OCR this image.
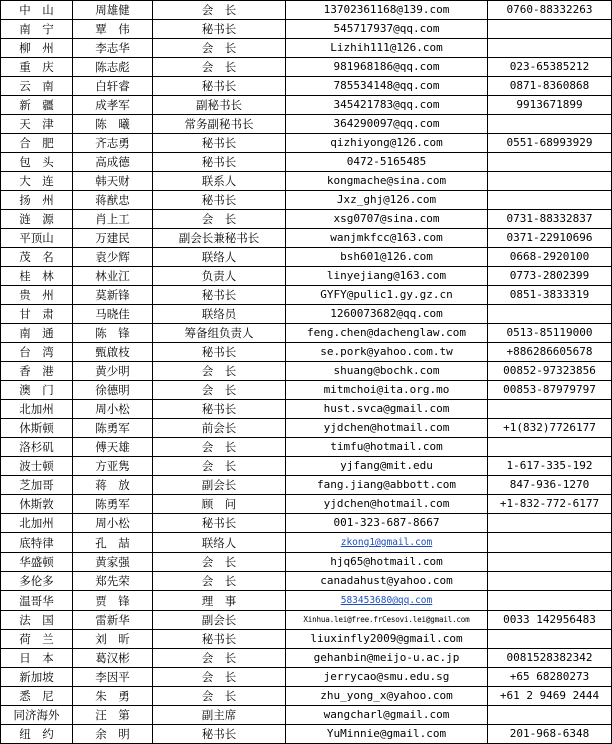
中　山	周雄健	会　长	13702361168@139.com	0760-88332263
南　宁	覃　伟	秘书长	545717937@qq.com	
柳　州	李志华	会　长	Lizhih111@126.com	
重　庆	陈志彪	会　长	981968186@qq.com	023-65385212
云　南	白轩睿	秘书长	785534148@qq.com	0871-8360868
新　疆	成孝军	副秘书长	345421783@qq.com	9913671899
天　津	陈　曦	常务副秘书长	364290097@qq.com	
合　肥	齐志勇	秘书长	qizhiyong@126.com	0551-68993929
包　头	高成德	秘书长	0472-5165485	
大　连	韩天财	联系人	kongmache@sina.com	
扬　州	蒋猷忠	秘书长	Jxz_ghj@126.com	
涟　源	肖上工	会　长	xsg0707@sina.com	0731-88332837
平顶山	万建民	副会长兼秘书长	wanjmkfcc@163.com	0371-22910696
茂　名	袁少辉	联络人	bsh601@126.com	0668-2920100
桂　林	林业江	负责人	linyejiang@163.com	0773-2802399
贵　州	莫新锋	秘书长	GYFY@pulic1.gy.gz.cn	0851-3833319
甘　肃	马晓佳	联络员	1260073682@qq.com	
南　通	陈　锋	筹备组负责人	feng.chen@dachenglaw.com	0513-85119000
台　湾	甄啟枝	秘书长	se.pork@yahoo.com.tw	+886286605678
香　港	黄少明	会　长	shuang@bochk.com	00852-97323856
澳　门	徐德明	会　长	mitmchoi@ita.org.mo	00853-87979797
北加州	周小松	秘书长	hust.svca@gmail.com	
休斯顿	陈勇军	前会长	yjdchen@hotmail.com	+1(832)7726177
洛杉矶	傅天雄	会　长	timfu@hotmail.com	
波士顿	方亚隽	会　长	yjfang@mit.edu	1-617-335-192
芝加哥	蒋　放	副会长	fang.jiang@abbott.com	847-936-1270
休斯敦	陈勇军	顾　问	yjdchen@hotmail.com	+1-832-772-6177
北加州	周小松	秘书长	001-323-687-8667	
底特律	孔　喆	联络人	zkong1@gmail.com	
华盛顿	黄家强	会　长	hjq65@hotmail.com	
多伦多	郑先荣	会　长	canadahust@yahoo.com	
温哥华	贾　锋	理　事	583453680@qq.com	
法　国	雷新华	副会长	Xinhua.lei@free.frCesovi.lei@gmail.com	0033 142956483
荷　兰	刘　昕	秘书长	liuxinfly2009@gmail.com	
日　本	葛汉彬	会　长	gehanbin@meijo-u.ac.jp	0081528382342
新加坡	李因平	会　长	jerrycao@smu.edu.sg	+65 68280273
悉　尼	朱　勇	会　长	zhu_yong_x@yahoo.com	+61 2 9469 2444
同济海外	汪　第	副主席	wangcharl@gmail.com	
纽　约	余　明	秘书长	YuMinnie@gmail.com	201-968-6348
